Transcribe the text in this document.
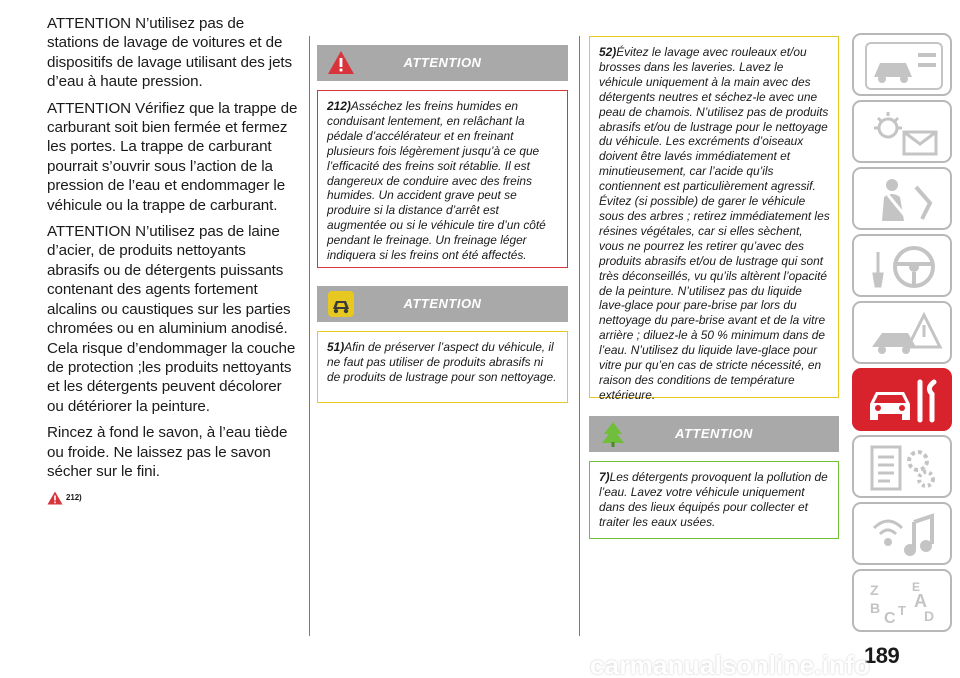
ATTENTION N’utilisez pas de stations de lavage de voitures et de dispositifs de lavage utilisant des jets d’eau à haute pression.

ATTENTION Vérifiez que la trappe de carburant soit bien fermée et fermez les portes. La trappe de carburant pourrait s’ouvrir sous l’action de la pression de l’eau et endommager le véhicule ou la trappe de carburant.

ATTENTION N’utilisez pas de laine d’acier, de produits nettoyants abrasifs ou de détergents puissants contenant des agents fortement alcalins ou caustiques sur les parties chromées ou en aluminium anodisé. Cela risque d’endommager la couche de protection ;les produits nettoyants et les détergents peuvent décolorer ou détériorer la peinture.

Rincez à fond le savon, à l’eau tiède ou froide. Ne laissez pas le savon sécher sur le fini.

212)
ATTENTION
212)Asséchez les freins humides en conduisant lentement, en relâchant la pédale d’accélérateur et en freinant plusieurs fois légèrement jusqu’à ce que l’efficacité des freins soit rétablie. Il est dangereux de conduire avec des freins humides. Un accident grave peut se produire si la distance d’arrêt est augmentée ou si le véhicule tire d’un côté pendant le freinage. Un freinage léger indiquera si les freins ont été affectés.
ATTENTION
51)Afin de préserver l’aspect du véhicule, il ne faut pas utiliser de produits abrasifs ni de produits de lustrage pour son nettoyage.
52)Évitez le lavage avec rouleaux et/ou brosses dans les laveries. Lavez le véhicule uniquement à la main avec des détergents neutres et séchez-le avec une peau de chamois. N’utilisez pas de produits abrasifs et/ou de lustrage pour le nettoyage du véhicule. Les excréments d’oiseaux doivent être lavés immédiatement et minutieusement, car l’acide qu’ils contiennent est particulièrement agressif. Évitez (si possible) de garer le véhicule sous des arbres ; retirez immédiatement les résines végétales, car si elles sèchent, vous ne pourrez les retirer qu’avec des produits abrasifs et/ou de lustrage qui sont très déconseillés, vu qu’ils altèrent l’opacité de la peinture. N’utilisez pas du liquide lave-glace pour pare-brise par lors du nettoyage du pare-brise avant et de la vitre arrière ; diluez-le à 50 % minimum dans de l’eau. N’utilisez du liquide lave-glace pour vitre pur qu’en cas de stricte nécessité, en raison des conditions de température extérieure.
ATTENTION
7)Les détergents provoquent la pollution de l’eau. Lavez votre véhicule uniquement dans des lieux équipés pour collecter et traiter les eaux usées.
Z	E
A
B
C T D
189
carmanualsonline.info
